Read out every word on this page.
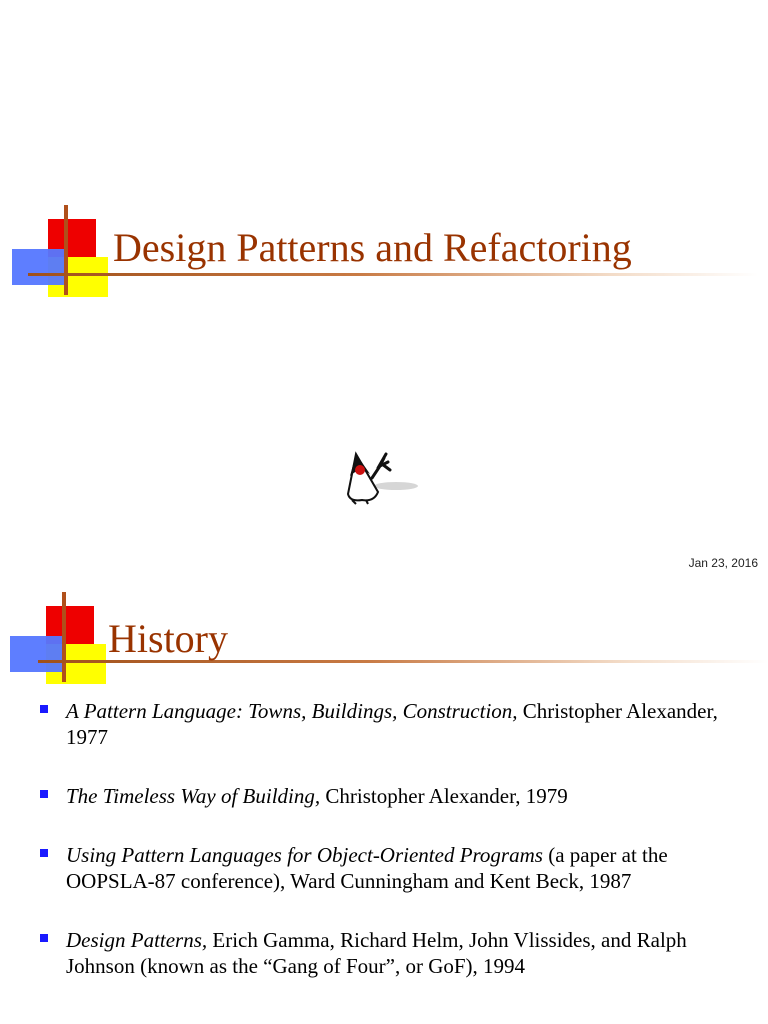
Design Patterns and Refactoring
Jan 23, 2016
History
A Pattern Language: Towns, Buildings, Construction, Christopher Alexander, 1977
The Timeless Way of Building, Christopher Alexander, 1979
Using Pattern Languages for Object-Oriented Programs (a paper at the OOPSLA-87 conference), Ward Cunningham and Kent Beck, 1987
Design Patterns, Erich Gamma, Richard Helm, John Vlissides, and Ralph Johnson (known as the “Gang of Four”, or GoF), 1994
